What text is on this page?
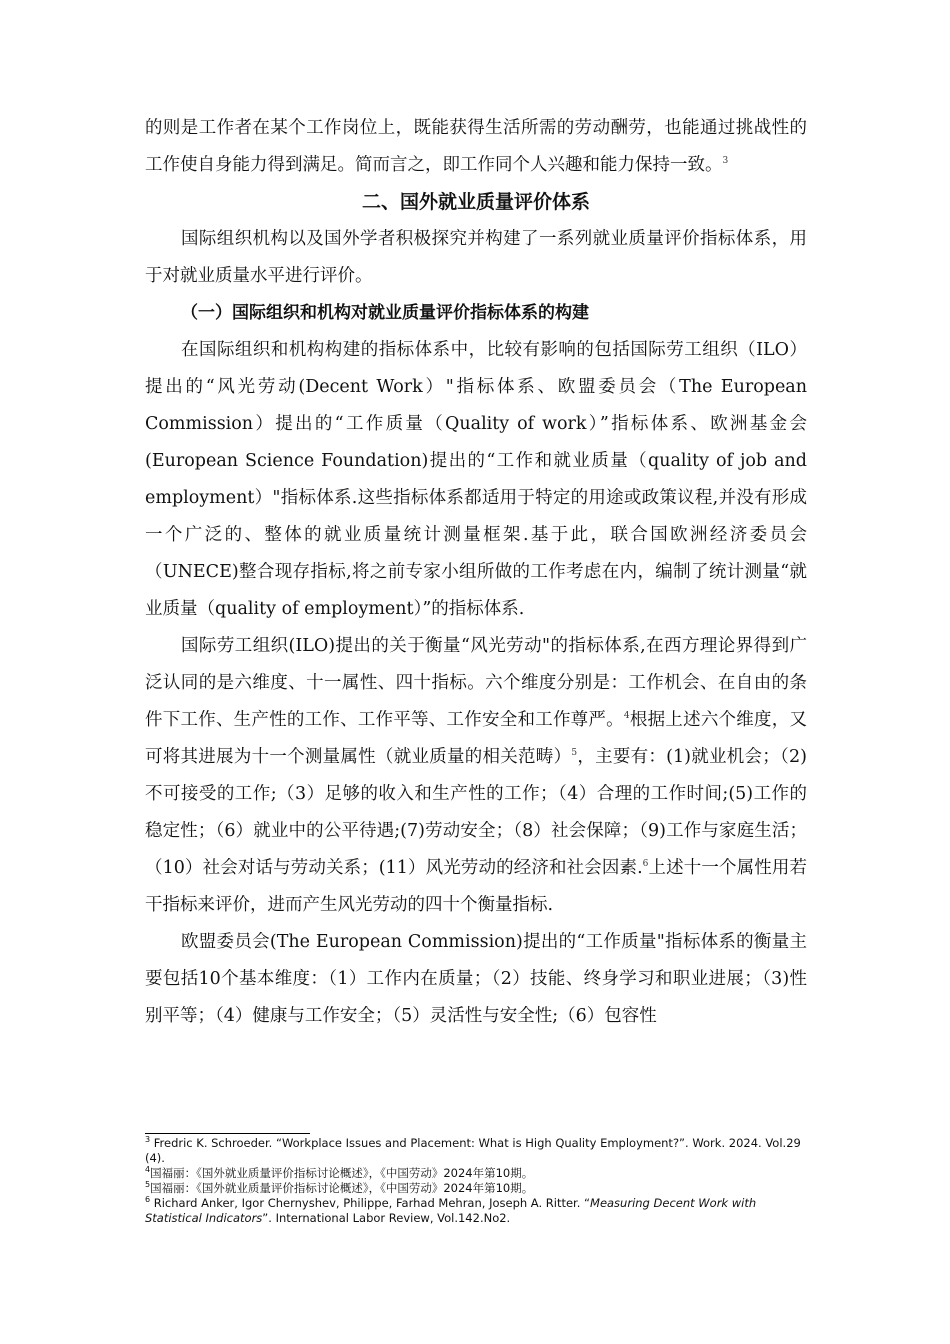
的则是工作者在某个工作岗位上，既能获得生活所需的劳动酬劳，也能通过挑战性的工作使自身能力得到满足。简而言之，即工作同个人兴趣和能力保持一致。$^3$

二、国外就业质量评价体系

国际组织机构以及国外学者积极探究并构建了一系列就业质量评价指标体系，用于对就业质量水平进行评价。

（一）国际组织和机构对就业质量评价指标体系的构建

在国际组织和机构构建的指标体系中，比较有影响的包括国际劳工组织（ILO）提出的“风光劳动(Decent Work）"指标体系、欧盟委员会（The European Commission）提出的“工作质量（Quality of work）”指标体系、欧洲基金会(European Science Foundation)提出的“工作和就业质量（quality of job and employment）"指标体系.这些指标体系都适用于特定的用途或政策议程,并没有形成一个广泛的、整体的就业质量统计测量框架.基于此，联合国欧洲经济委员会（UNECE)整合现存指标,将之前专家小组所做的工作考虑在内，编制了统计测量“就业质量（quality of employment）”的指标体系.

国际劳工组织(ILO)提出的关于衡量“风光劳动"的指标体系,在西方理论界得到广泛认同的是六维度、十一属性、四十指标。六个维度分别是：工作机会、在自由的条件下工作、生产性的工作、工作平等、工作安全和工作尊严。$^4$根据上述六个维度，又可将其进展为十一个测量属性（就业质量的相关范畴）$^5$，主要有：(1)就业机会；（2)不可接受的工作;（3）足够的收入和生产性的工作；（4）合理的工作时间;(5)工作的稳定性；（6）就业中的公平待遇;(7)劳动安全；（8）社会保障；（9)工作与家庭生活；（10）社会对话与劳动关系；(11）风光劳动的经济和社会因素.$^6$上述十一个属性用若干指标来评价，进而产生风光劳动的四十个衡量指标.

欧盟委员会(The European Commission)提出的“工作质量"指标体系的衡量主要包括10个基本维度：（1）工作内在质量；（2）技能、终身学习和职业进展；（3)性别平等；（4）健康与工作安全；（5）灵活性与安全性;（6）包容性

$^3$ Fredric K. Schroeder. “Workplace Issues and Placement: What is High Quality Employment?”. Work. 2024. Vol.29 (4).

$^4$国福丽：《国外就业质量评价指标讨论概述》，《中国劳动》2024年第10期。

$^5$国福丽：《国外就业质量评价指标讨论概述》，《中国劳动》2024年第10期。

$^6$ Richard Anker, Igor Chernyshev, Philippe, Farhad Mehran, Joseph A. Ritter. “Measuring Decent Work with Statistical Indicators”. International Labor Review, Vol.142.No2.
